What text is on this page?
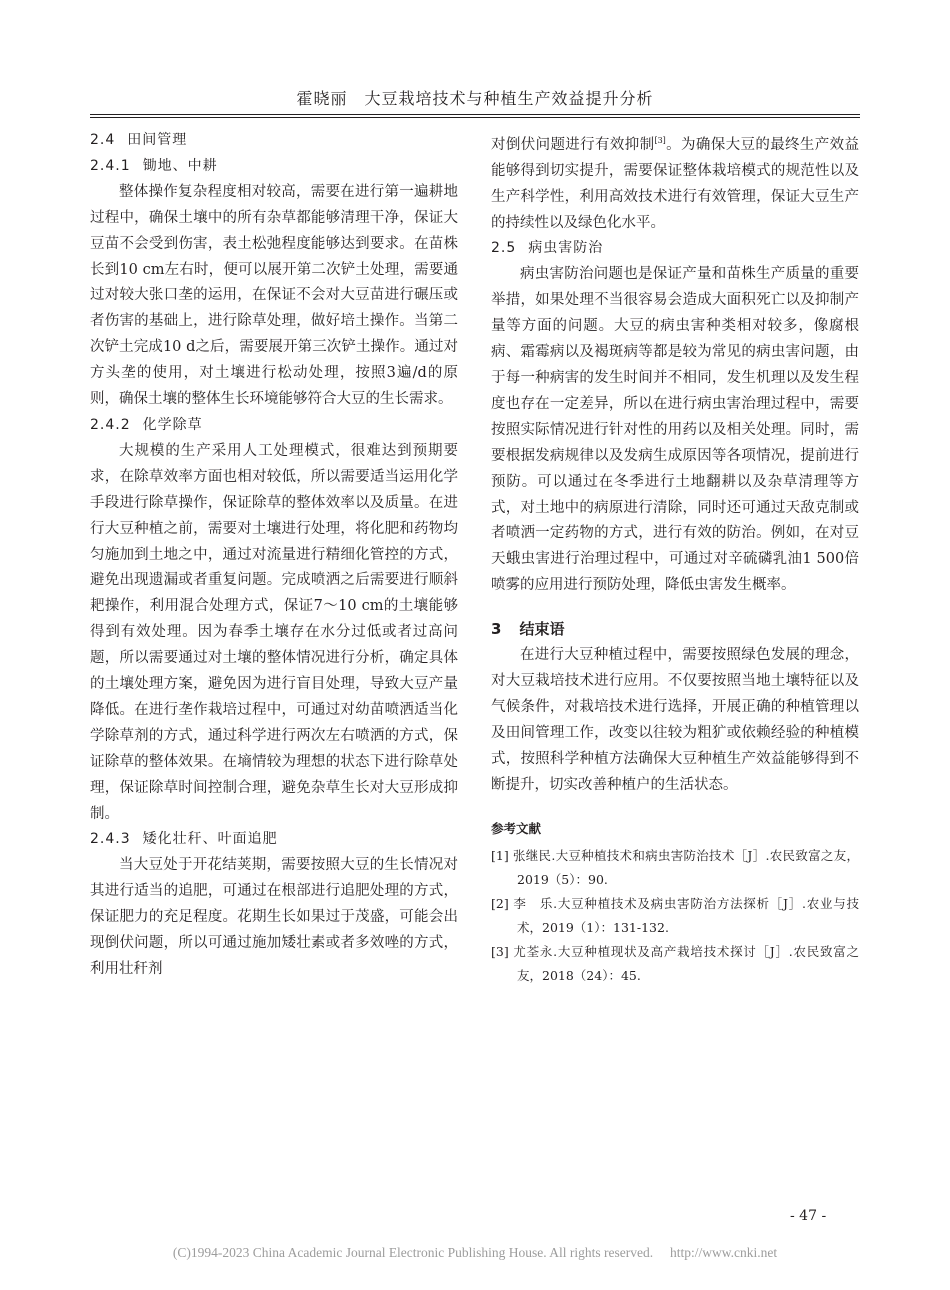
霍晓丽　大豆栽培技术与种植生产效益提升分析

2.4 田间管理

2.4.1 锄地、中耕

整体操作复杂程度相对较高，需要在进行第一遍耕地过程中，确保土壤中的所有杂草都能够清理干净，保证大豆苗不会受到伤害，表土松弛程度能够达到要求。在苗株长到10 cm左右时，便可以展开第二次铲土处理，需要通过对较大张口垄的运用，在保证不会对大豆苗进行碾压或者伤害的基础上，进行除草处理，做好培土操作。当第二次铲土完成10 d之后，需要展开第三次铲土操作。通过对方头垄的使用，对土壤进行松动处理，按照3遍/d的原则，确保土壤的整体生长环境能够符合大豆的生长需求。

2.4.2 化学除草

大规模的生产采用人工处理模式，很难达到预期要求，在除草效率方面也相对较低，所以需要适当运用化学手段进行除草操作，保证除草的整体效率以及质量。在进行大豆种植之前，需要对土壤进行处理，将化肥和药物均匀施加到土地之中，通过对流量进行精细化管控的方式，避免出现遗漏或者重复问题。完成喷洒之后需要进行顺斜耙操作，利用混合处理方式，保证7～10 cm的土壤能够得到有效处理。因为春季土壤存在水分过低或者过高问题，所以需要通过对土壤的整体情况进行分析，确定具体的土壤处理方案，避免因为进行盲目处理，导致大豆产量降低。在进行垄作栽培过程中，可通过对幼苗喷洒适当化学除草剂的方式，通过科学进行两次左右喷洒的方式，保证除草的整体效果。在墒情较为理想的状态下进行除草处理，保证除草时间控制合理，避免杂草生长对大豆形成抑制。

2.4.3 矮化壮秆、叶面追肥

当大豆处于开花结荚期，需要按照大豆的生长情况对其进行适当的追肥，可通过在根部进行追肥处理的方式，保证肥力的充足程度。花期生长如果过于茂盛，可能会出现倒伏问题，所以可通过施加矮壮素或者多效唑的方式，利用壮秆剂

对倒伏问题进行有效抑制[3]。为确保大豆的最终生产效益能够得到切实提升，需要保证整体栽培模式的规范性以及生产科学性，利用高效技术进行有效管理，保证大豆生产的持续性以及绿色化水平。

2.5 病虫害防治

病虫害防治问题也是保证产量和苗株生产质量的重要举措，如果处理不当很容易会造成大面积死亡以及抑制产量等方面的问题。大豆的病虫害种类相对较多，像腐根病、霜霉病以及褐斑病等都是较为常见的病虫害问题，由于每一种病害的发生时间并不相同，发生机理以及发生程度也存在一定差异，所以在进行病虫害治理过程中，需要按照实际情况进行针对性的用药以及相关处理。同时，需要根据发病规律以及发病生成原因等各项情况，提前进行预防。可以通过在冬季进行土地翻耕以及杂草清理等方式，对土地中的病原进行清除，同时还可通过天敌克制或者喷洒一定药物的方式，进行有效的防治。例如，在对豆天蛾虫害进行治理过程中，可通过对辛硫磷乳油1 500倍喷雾的应用进行预防处理，降低虫害发生概率。

3 结束语

在进行大豆种植过程中，需要按照绿色发展的理念，对大豆栽培技术进行应用。不仅要按照当地土壤特征以及气候条件，对栽培技术进行选择，开展正确的种植管理以及田间管理工作，改变以往较为粗犷或依赖经验的种植模式，按照科学种植方法确保大豆种植生产效益能够得到不断提升，切实改善种植户的生活状态。

参考文献

[1] 张继民.大豆种植技术和病虫害防治技术［J］.农民致富之友，2019（5）：90.

[2] 李　乐.大豆种植技术及病虫害防治方法探析［J］.农业与技术，2019（1）：131-132.

[3] 尤荃永.大豆种植现状及高产栽培技术探讨［J］.农民致富之友，2018（24）：45.

- 47 -
(C)1994-2023 China Academic Journal Electronic Publishing House. All rights reserved.　 http://www.cnki.net
